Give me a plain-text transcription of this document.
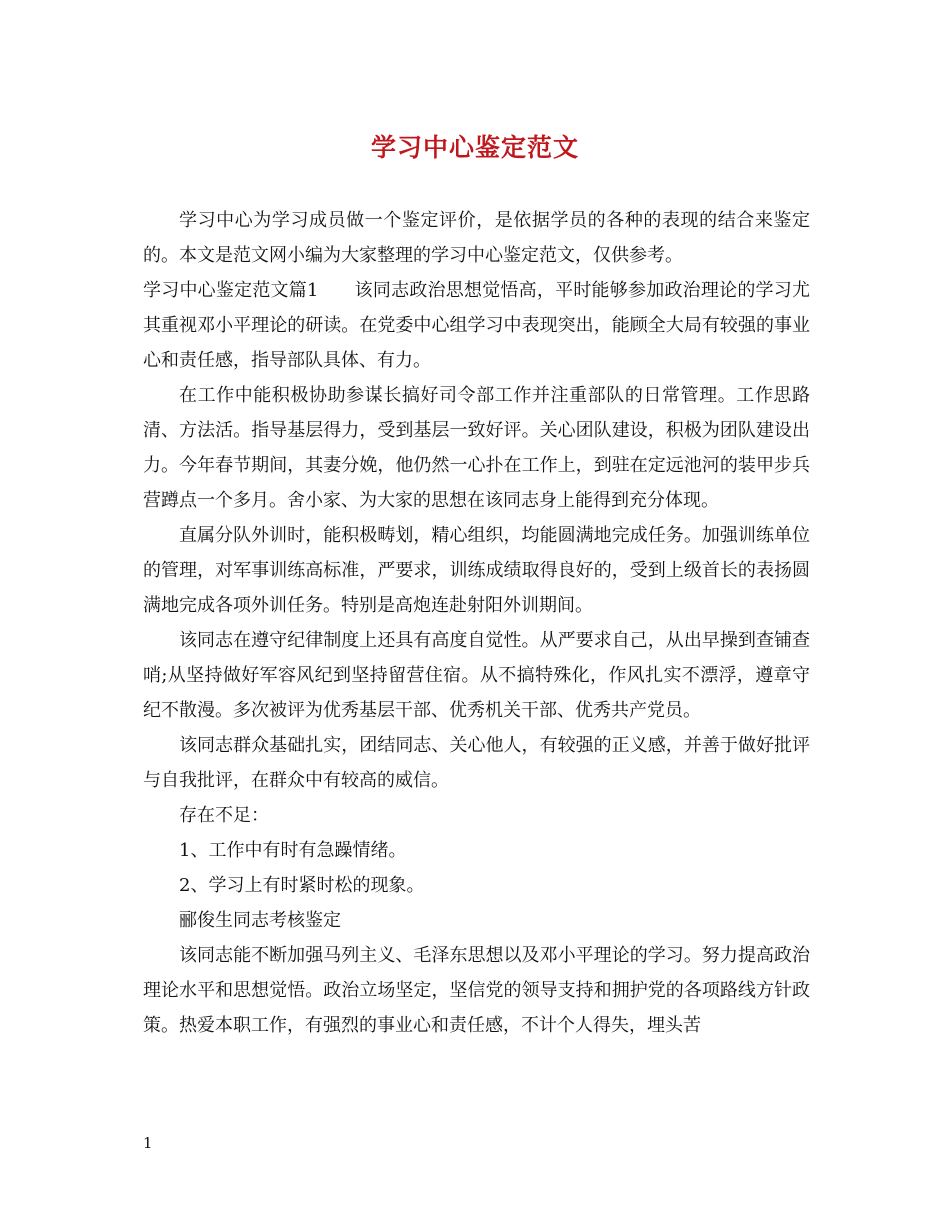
学习中心鉴定范文

学习中心为学习成员做一个鉴定评价，是依据学员的各种的表现的结合来鉴定的。本文是范文网小编为大家整理的学习中心鉴定范文，仅供参考。

学习中心鉴定范文篇1 该同志政治思想觉悟高，平时能够参加政治理论的学习尤其重视邓小平理论的研读。在党委中心组学习中表现突出，能顾全大局有较强的事业心和责任感，指导部队具体、有力。

在工作中能积极协助参谋长搞好司令部工作并注重部队的日常管理。工作思路清、方法活。指导基层得力，受到基层一致好评。关心团队建设，积极为团队建设出力。今年春节期间，其妻分娩，他仍然一心扑在工作上，到驻在定远池河的装甲步兵营蹲点一个多月。舍小家、为大家的思想在该同志身上能得到充分体现。

直属分队外训时，能积极畴划，精心组织，均能圆满地完成任务。加强训练单位的管理，对军事训练高标准，严要求，训练成绩取得良好的，受到上级首长的表扬圆满地完成各项外训任务。特别是高炮连赴射阳外训期间。

该同志在遵守纪律制度上还具有高度自觉性。从严要求自己，从出早操到查铺查哨;从坚持做好军容风纪到坚持留营住宿。从不搞特殊化，作风扎实不漂浮，遵章守纪不散漫。多次被评为优秀基层干部、优秀机关干部、优秀共产党员。

该同志群众基础扎实，团结同志、关心他人，有较强的正义感，并善于做好批评与自我批评，在群众中有较高的威信。

存在不足：

1、工作中有时有急躁情绪。

2、学习上有时紧时松的现象。

郦俊生同志考核鉴定

该同志能不断加强马列主义、毛泽东思想以及邓小平理论的学习。努力提高政治理论水平和思想觉悟。政治立场坚定，坚信党的领导支持和拥护党的各项路线方针政策。热爱本职工作，有强烈的事业心和责任感，不计个人得失，埋头苦

1
